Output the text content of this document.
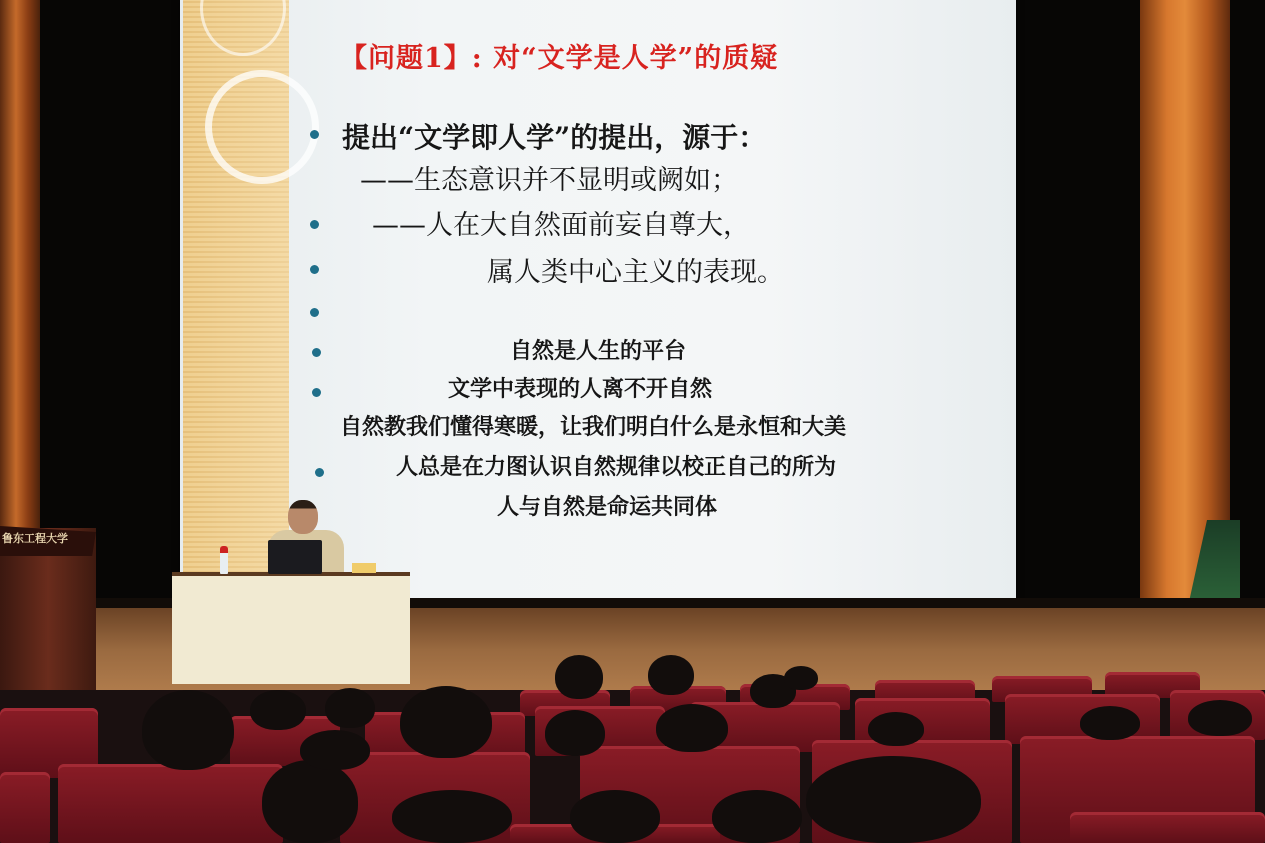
【问题1】: 对“文学是人学”的质疑
提出“文学即人学”的提出，源于：
——生态意识并不显明或阙如；
——人在大自然面前妄自尊大，
属人类中心主义的表现。
自然是人生的平台
文学中表现的人离不开自然
自然教我们懂得寒暖，让我们明白什么是永恒和大美
人总是在力图认识自然规律以校正自己的所为
人与自然是命运共同体
鲁东工程大学
